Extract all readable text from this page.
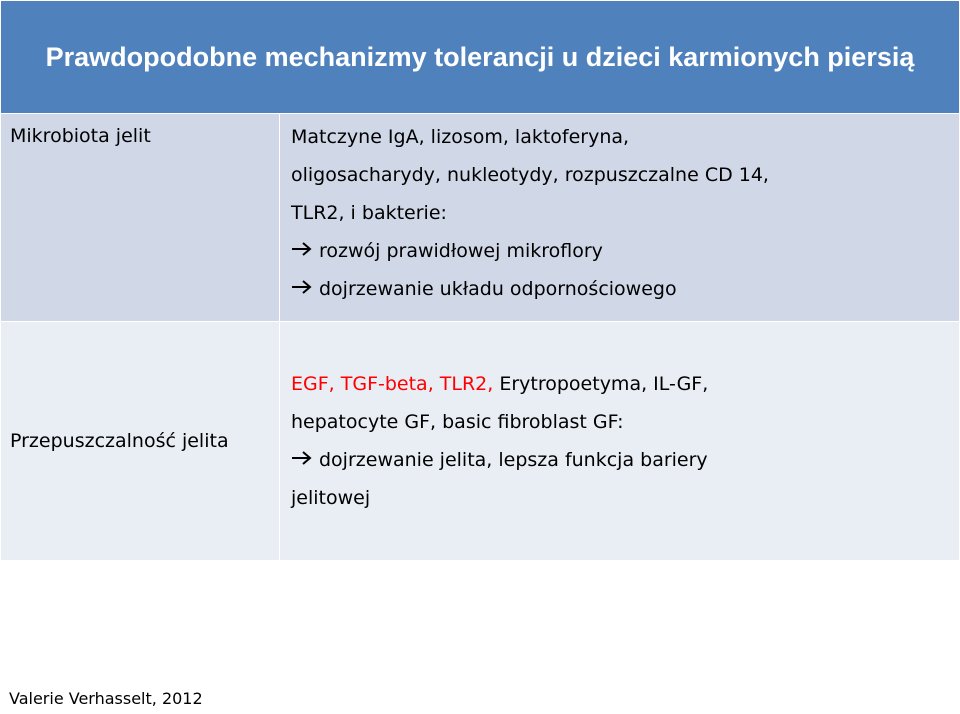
Prawdopodobne mechanizmy tolerancji u dzieci karmionych piersią	
Mikrobiota jelit	Matczyne IgA, lizosom, laktoferyna,
oligosacharydy, nukleotydy, rozpuszczalne CD 14,
TLR2, i bakterie:
rozwój prawidłowej mikroflory
dojrzewanie układu odpornościowego

Przepuszczalność jelita	EGF, TGF-beta, TLR2, Erytropoetyma, IL-GF,
hepatocyte GF, basic fibroblast GF:
dojrzewanie jelita, lepsza funkcja bariery
jelitowej
Valerie Verhasselt, 2012
